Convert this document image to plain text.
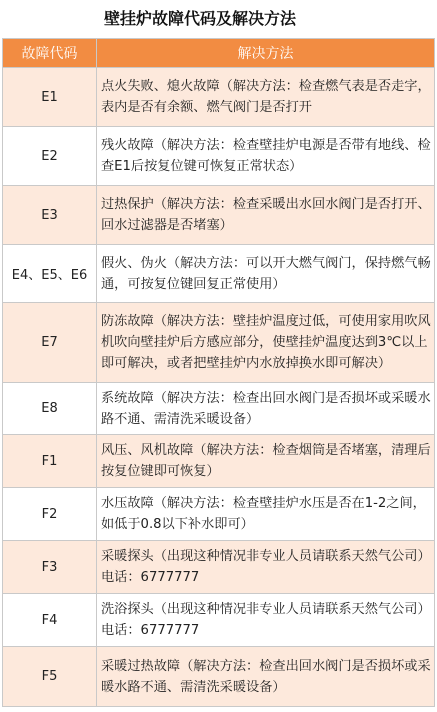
壁挂炉故障代码及解决方法
故障代码	解决方法
E1	点火失败、熄火故障（解决方法：检查燃气表是否走字，表内是否有余额、燃气阀门是否打开
E2	残火故障（解决方法：检查壁挂炉电源是否带有地线、检查E1后按复位键可恢复正常状态）
E3	过热保护（解决方法：检查采暖出水回水阀门是否打开、回水过滤器是否堵塞）
E4、E5、E6	假火、伪火（解决方法：可以开大燃气阀门，保持燃气畅通，可按复位键回复正常使用）
E7	防冻故障（解决方法：壁挂炉温度过低，可使用家用吹风机吹向壁挂炉后方感应部分，使壁挂炉温度达到3℃以上即可解决，或者把壁挂炉内水放掉换水即可解决）
E8	系统故障（解决方法：检查出回水阀门是否损坏或采暖水路不通、需清洗采暖设备）
F1	风压、风机故障（解决方法：检查烟筒是否堵塞，清理后按复位键即可恢复）
F2	水压故障（解决方法：检查壁挂炉水压是否在1-2之间，如低于0.8以下补水即可）
F3	采暖探头（出现这种情况非专业人员请联系天然气公司）电话：6777777
F4	洗浴探头（出现这种情况非专业人员请联系天然气公司）电话：6777777
F5	采暖过热故障（解决方法：检查出回水阀门是否损坏或采暖水路不通、需清洗采暖设备）
